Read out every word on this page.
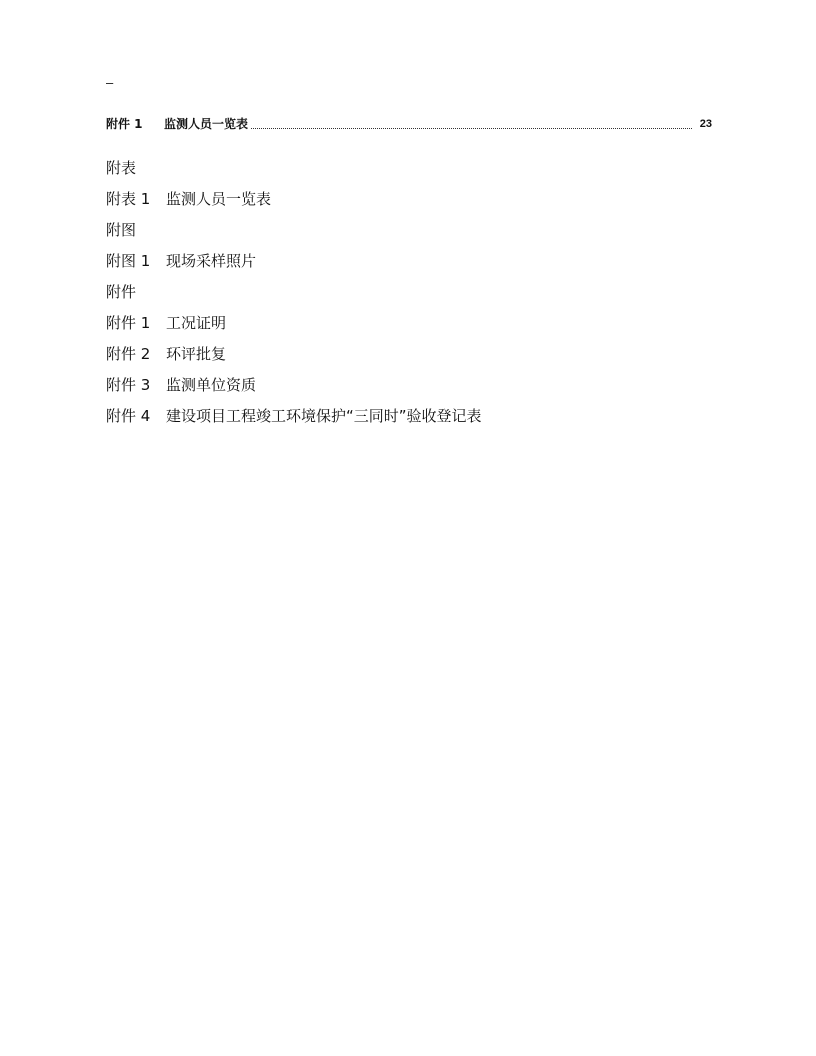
–
附件 1	监测人员一览表	23
附表
附表 1	监测人员一览表
附图
附图 1	现场采样照片
附件
附件 1	工况证明
附件 2	环评批复
附件 3	监测单位资质
附件 4	建设项目工程竣工环境保护“三同时”验收登记表
